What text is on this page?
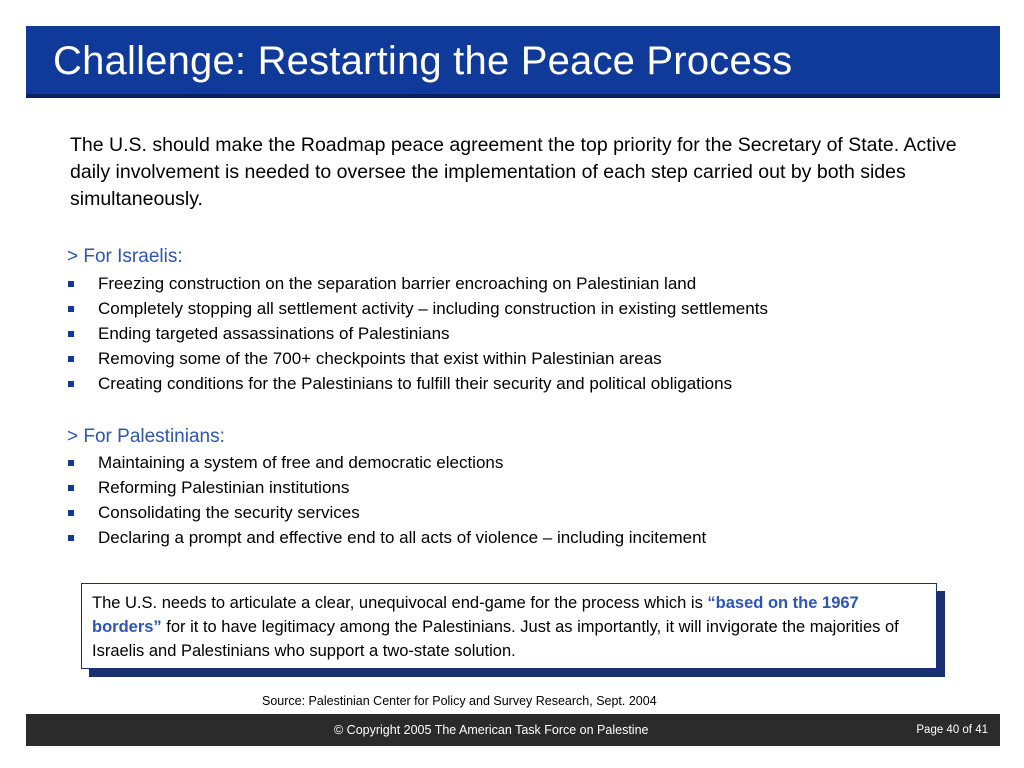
Challenge: Restarting the Peace Process

The U.S. should make the Roadmap peace agreement the top priority for the Secretary of State. Active daily involvement is needed to oversee the implementation of each step carried out by both sides simultaneously.

> For Israelis:

Freezing construction on the separation barrier encroaching on Palestinian land
Completely stopping all settlement activity – including construction in existing settlements
Ending targeted assassinations of Palestinians
Removing some of the 700+ checkpoints that exist within Palestinian areas
Creating conditions for the Palestinians to fulfill their security and political obligations

> For Palestinians:

Maintaining a system of free and democratic elections
Reforming Palestinian institutions
Consolidating the security services
Declaring a prompt and effective end to all acts of violence – including incitement
The U.S. needs to articulate a clear, unequivocal end-game for the process which is “based on the 1967 borders” for it to have legitimacy among the Palestinians. Just as importantly, it will invigorate the majorities of Israelis and Palestinians who support a two-state solution.
Source: Palestinian Center for Policy and Survey Research, Sept. 2004
© Copyright 2005 The American Task Force on Palestine	Page 40 of 41
